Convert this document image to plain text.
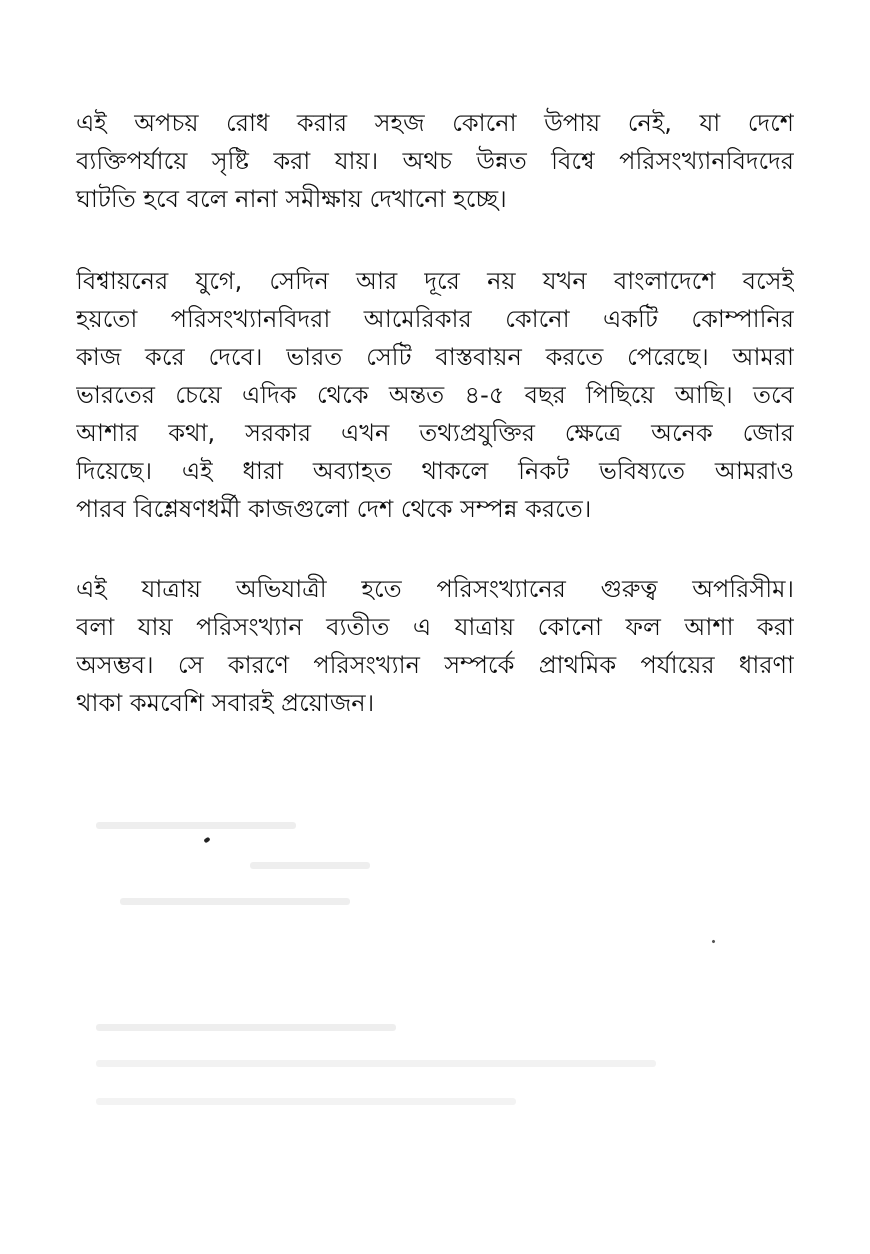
এই অপচয় রোধ করার সহজ কোনো উপায় নেই, যা দেশে
ব্যক্তিপর্যায়ে সৃষ্টি করা যায়। অথচ উন্নত বিশ্বে পরিসংখ্যানবিদদের
ঘাটতি হবে বলে নানা সমীক্ষায় দেখানো হচ্ছে।
বিশ্বায়নের যুগে, সেদিন আর দূরে নয় যখন বাংলাদেশে বসেই
হয়তো পরিসংখ্যানবিদরা আমেরিকার কোনো একটি কোম্পানির
কাজ করে দেবে। ভারত সেটি বাস্তবায়ন করতে পেরেছে। আমরা
ভারতের চেয়ে এদিক থেকে অন্তত ৪-৫ বছর পিছিয়ে আছি। তবে
আশার কথা, সরকার এখন তথ্যপ্রযুক্তির ক্ষেত্রে অনেক জোর
দিয়েছে। এই ধারা অব্যাহত থাকলে নিকট ভবিষ্যতে আমরাও
পারব বিশ্লেষণধর্মী কাজগুলো দেশ থেকে সম্পন্ন করতে।
এই যাত্রায় অভিযাত্রী হতে পরিসংখ্যানের গুরুত্ব অপরিসীম।
বলা যায় পরিসংখ্যান ব্যতীত এ যাত্রায় কোনো ফল আশা করা
অসম্ভব। সে কারণে পরিসংখ্যান সম্পর্কে প্রাথমিক পর্যায়ের ধারণা
থাকা কমবেশি সবারই প্রয়োজন।
